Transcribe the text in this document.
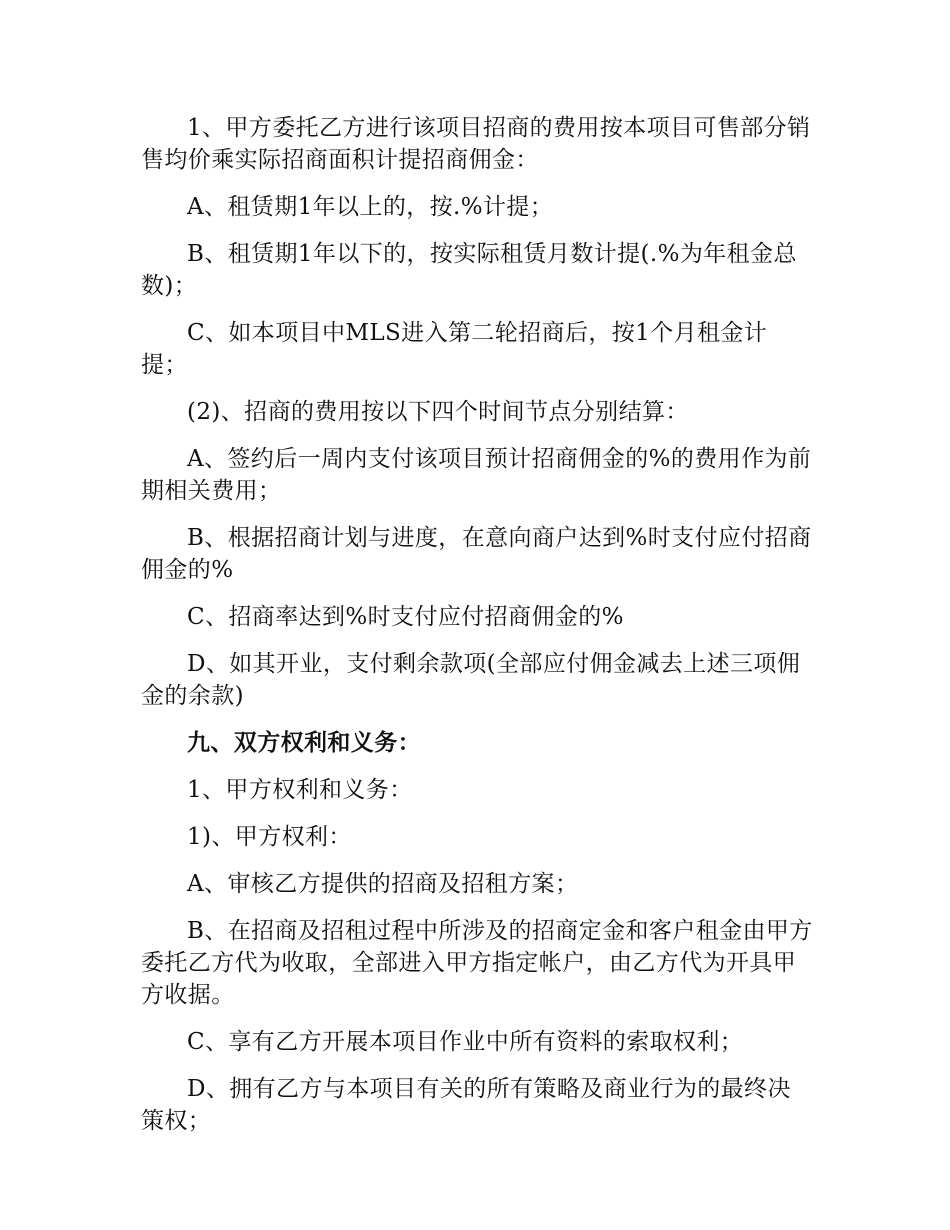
1、甲方委托乙方进行该项目招商的费用按本项目可售部分销售均价乘实际招商面积计提招商佣金：

A、租赁期1年以上的，按.%计提；

B、租赁期1年以下的，按实际租赁月数计提(.%为年租金总数)；

C、如本项目中MLS进入第二轮招商后，按1个月租金计提；

(2)、招商的费用按以下四个时间节点分别结算：

A、签约后一周内支付该项目预计招商佣金的%的费用作为前期相关费用；

B、根据招商计划与进度，在意向商户达到%时支付应付招商佣金的%

C、招商率达到%时支付应付招商佣金的%

D、如其开业，支付剩余款项(全部应付佣金减去上述三项佣金的余款)

九、双方权利和义务：

1、甲方权利和义务：

1)、甲方权利：

A、审核乙方提供的招商及招租方案；

B、在招商及招租过程中所涉及的招商定金和客户租金由甲方委托乙方代为收取，全部进入甲方指定帐户，由乙方代为开具甲方收据。

C、享有乙方开展本项目作业中所有资料的索取权利；

D、拥有乙方与本项目有关的所有策略及商业行为的最终决策权；
